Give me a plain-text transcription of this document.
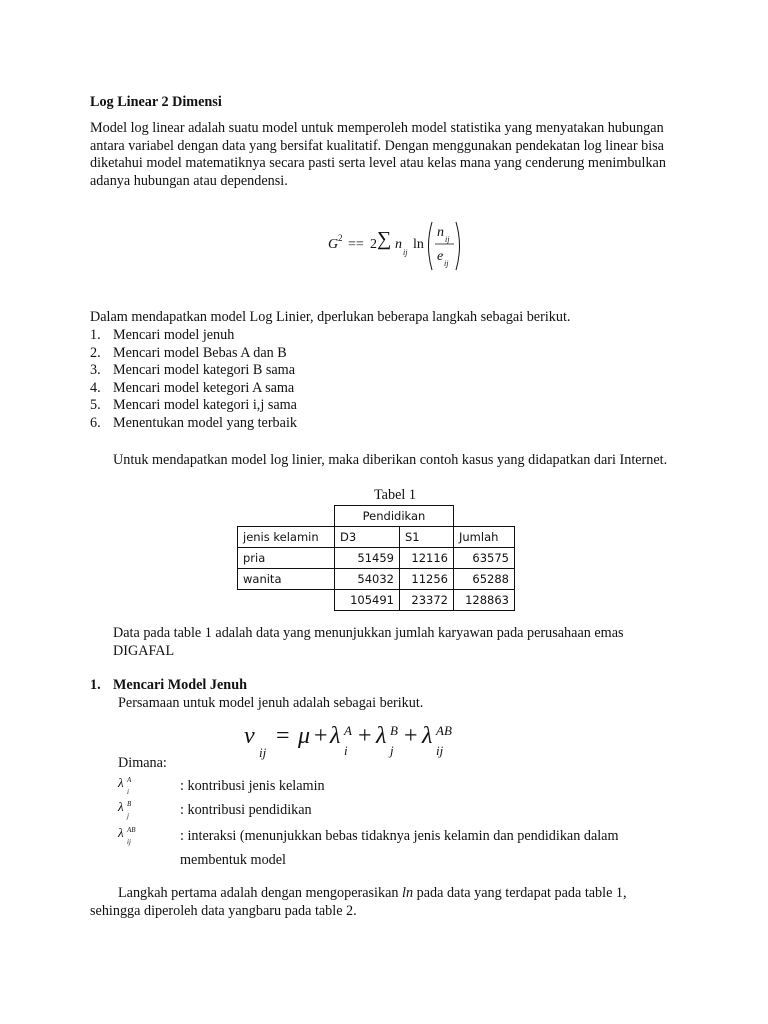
Log Linear 2 Dimensi

Model log linear adalah suatu model untuk memperoleh model statistika yang menyatakan hubungan antara variabel dengan data yang bersifat kualitatif. Dengan menggunakan pendekatan log linear bisa diketahui model matematiknya secara pasti serta level atau kelas mana yang cenderung menimbulkan adanya hubungan atau dependensi.

G 2 == 2 ∑ n
ij
ln
n ij
e ij

Dalam mendapatkan model Log Linier, dperlukan beberapa langkah sebagai berikut.

1. Mencari model jenuh
2. Mencari model Bebas A dan B
3. Mencari model kategori B sama
4. Mencari model ketegori A sama
5. Mencari model kategori i,j sama
6. Menentukan model yang terbaik

Untuk mendapatkan model log linier, maka diberikan contoh kasus yang didapatkan dari Internet.

Tabel 1
	Pendidikan		
jenis kelamin	D3	S1	Jumlah
pria	51459	12116	63575
wanita	54032	11256	65288
	105491	23372	128863

Data pada table 1 adalah data yang menunjukkan jumlah karyawan pada perusahaan emas DIGAFAL

1. Mencari Model Jenuh

Persamaan untuk model jenuh adalah sebagai berikut.

v
ij
= μ + λ A
i
+ λ B
j
+ λ AB
ij
Dimana:
λ A
i	: kontribusi jenis kelamin
λ B
j	: kontribusi pendidikan
λ AB
ij	: interaksi (menunjukkan bebas tidaknya jenis kelamin dan pendidikan dalam membentuk model

Langkah pertama adalah dengan mengoperasikan ln pada data yang terdapat pada table 1, sehingga diperoleh data yangbaru pada table 2.
